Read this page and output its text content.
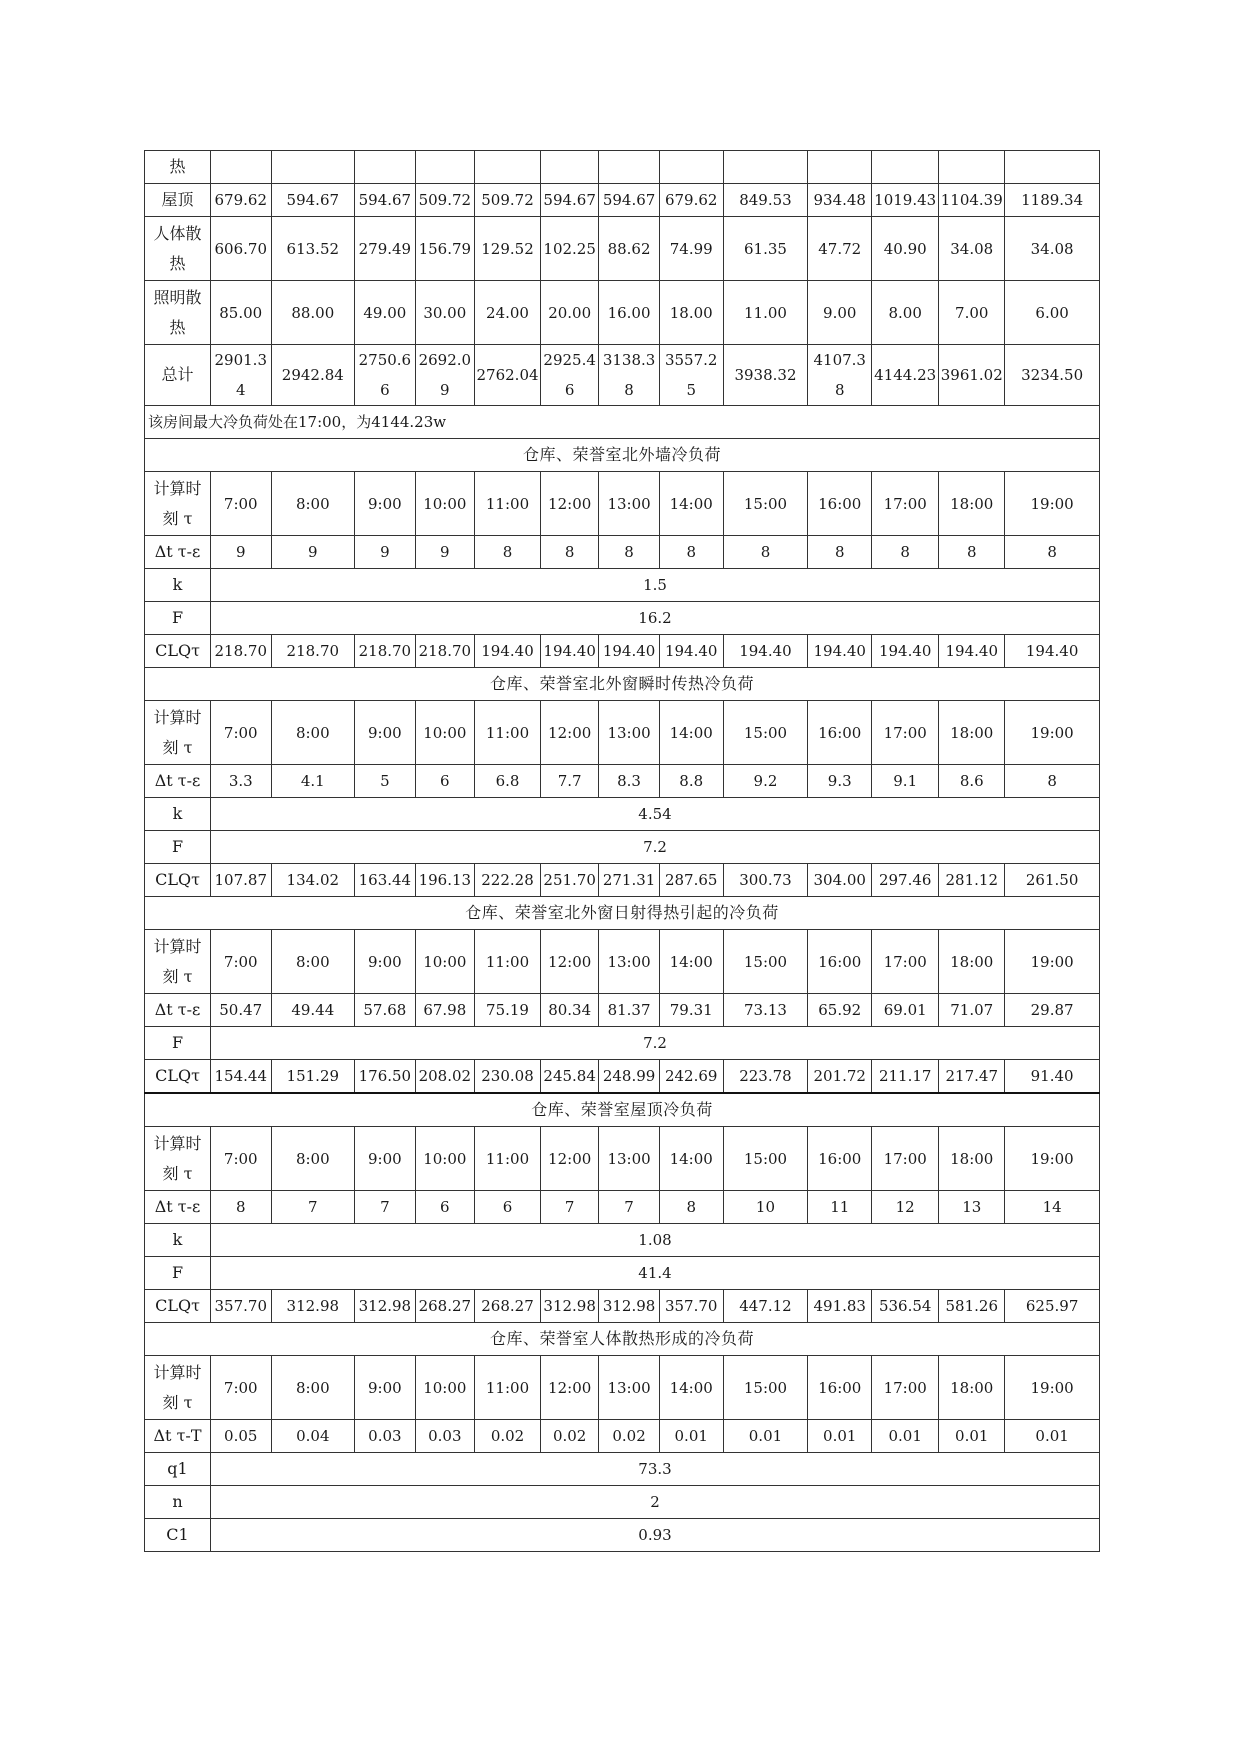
热													
屋顶	679.62	594.67	594.67	509.72	509.72	594.67	594.67	679.62	849.53	934.48	1019.43	1104.39	1189.34
人体散热	606.70	613.52	279.49	156.79	129.52	102.25	88.62	74.99	61.35	47.72	40.90	34.08	34.08
照明散热	85.00	88.00	49.00	30.00	24.00	20.00	16.00	18.00	11.00	9.00	8.00	7.00	6.00
总计	2901.34	2942.84	2750.66	2692.09	2762.04	2925.46	3138.38	3557.25	3938.32	4107.38	4144.23	3961.02	3234.50
该房间最大冷负荷处在17:00，为4144.23w													
仓库、荣誉室北外墙冷负荷													
计算时刻 τ	7:00	8:00	9:00	10:00	11:00	12:00	13:00	14:00	15:00	16:00	17:00	18:00	19:00
Δt τ-ε	9	9	9	9	8	8	8	8	8	8	8	8	8
k	1.5												
F	16.2												
CLQτ	218.70	218.70	218.70	218.70	194.40	194.40	194.40	194.40	194.40	194.40	194.40	194.40	194.40
仓库、荣誉室北外窗瞬时传热冷负荷													
计算时刻 τ	7:00	8:00	9:00	10:00	11:00	12:00	13:00	14:00	15:00	16:00	17:00	18:00	19:00
Δt τ-ε	3.3	4.1	5	6	6.8	7.7	8.3	8.8	9.2	9.3	9.1	8.6	8
k	4.54												
F	7.2												
CLQτ	107.87	134.02	163.44	196.13	222.28	251.70	271.31	287.65	300.73	304.00	297.46	281.12	261.50
仓库、荣誉室北外窗日射得热引起的冷负荷													
计算时刻 τ	7:00	8:00	9:00	10:00	11:00	12:00	13:00	14:00	15:00	16:00	17:00	18:00	19:00
Δt τ-ε	50.47	49.44	57.68	67.98	75.19	80.34	81.37	79.31	73.13	65.92	69.01	71.07	29.87
F	7.2												
CLQτ	154.44	151.29	176.50	208.02	230.08	245.84	248.99	242.69	223.78	201.72	211.17	217.47	91.40
仓库、荣誉室屋顶冷负荷													
计算时刻 τ	7:00	8:00	9:00	10:00	11:00	12:00	13:00	14:00	15:00	16:00	17:00	18:00	19:00
Δt τ-ε	8	7	7	6	6	7	7	8	10	11	12	13	14
k	1.08												
F	41.4												
CLQτ	357.70	312.98	312.98	268.27	268.27	312.98	312.98	357.70	447.12	491.83	536.54	581.26	625.97
仓库、荣誉室人体散热形成的冷负荷													
计算时刻 τ	7:00	8:00	9:00	10:00	11:00	12:00	13:00	14:00	15:00	16:00	17:00	18:00	19:00
Δt τ-T	0.05	0.04	0.03	0.03	0.02	0.02	0.02	0.01	0.01	0.01	0.01	0.01	0.01
q1	73.3												
n	2												
C1	0.93												
